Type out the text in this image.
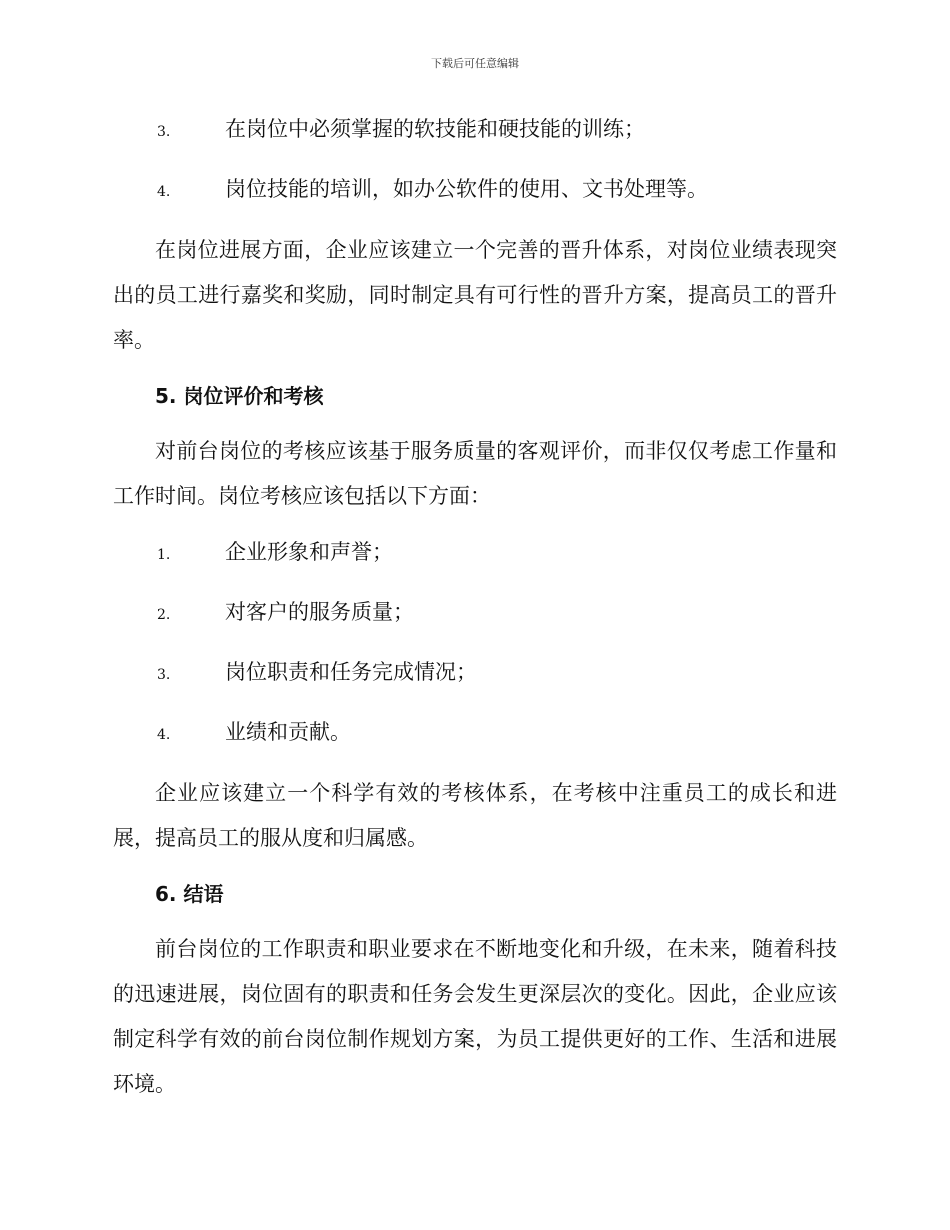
下载后可任意编辑
3.	在岗位中必须掌握的软技能和硬技能的训练；
4.	岗位技能的培训，如办公软件的使用、文书处理等。

在岗位进展方面，企业应该建立一个完善的晋升体系，对岗位业绩表现突出的员工进行嘉奖和奖励，同时制定具有可行性的晋升方案，提高员工的晋升率。

5. 岗位评价和考核

对前台岗位的考核应该基于服务质量的客观评价，而非仅仅考虑工作量和工作时间。岗位考核应该包括以下方面：

1.	企业形象和声誉；
2.	对客户的服务质量；
3.	岗位职责和任务完成情况；
4.	业绩和贡献。

企业应该建立一个科学有效的考核体系，在考核中注重员工的成长和进展，提高员工的服从度和归属感。

6. 结语

前台岗位的工作职责和职业要求在不断地变化和升级，在未来，随着科技的迅速进展，岗位固有的职责和任务会发生更深层次的变化。因此，企业应该制定科学有效的前台岗位制作规划方案，为员工提供更好的工作、生活和进展环境。
